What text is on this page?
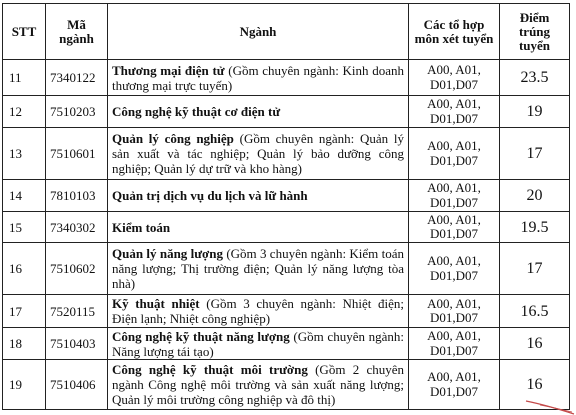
STT	Mã ngành	Ngành	Các tổ hợp môn xét tuyển	Điểm trúng tuyển
11	7340122	Thương mại điện tử (Gồm chuyên ngành: Kinh doanh thương mại trực tuyến)	A00, A01, D01,D07	23.5
12	7510203	Công nghệ kỹ thuật cơ điện tử	A00, A01, D01,D07	19
13	7510601	Quản lý công nghiệp (Gồm chuyên ngành: Quản lý sản xuất và tác nghiệp; Quản lý bảo dưỡng công nghiệp; Quản lý dự trữ và kho hàng)	A00, A01, D01,D07	17
14	7810103	Quản trị dịch vụ du lịch và lữ hành	A00, A01, D01,D07	20
15	7340302	Kiểm toán	A00, A01, D01,D07	19.5
16	7510602	Quản lý năng lượng (Gồm 3 chuyên ngành: Kiểm toán năng lượng; Thị trường điện; Quản lý năng lượng tòa nhà)	A00, A01, D01,D07	17
17	7520115	Kỹ thuật nhiệt (Gồm 3 chuyên ngành: Nhiệt điện; Điện lạnh; Nhiệt công nghiệp)	A00, A01, D01,D07	16.5
18	7510403	Công nghệ kỹ thuật năng lượng (Gồm chuyên ngành: Năng lượng tái tạo)	A00, A01, D01,D07	16
19	7510406	Công nghệ kỹ thuật môi trường (Gồm 2 chuyên ngành Công nghệ môi trường và sản xuất năng lượng; Quản lý môi trường công nghiệp và đô thị)	A00, A01, D01,D07	16
